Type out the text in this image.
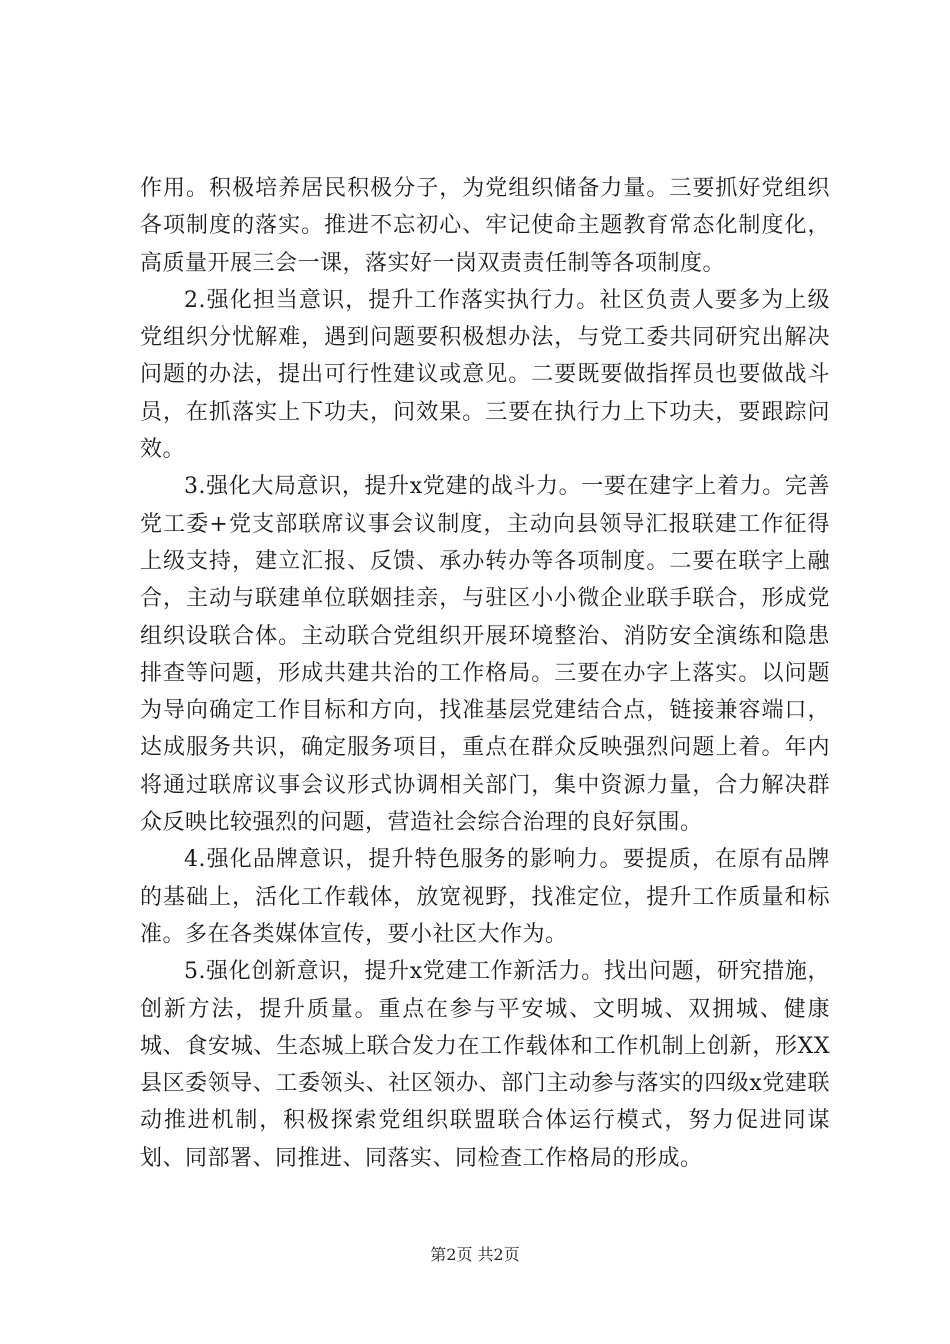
作用。积极培养居民积极分子，为党组织储备力量。三要抓好党组织各项制度的落实。推进不忘初心、牢记使命主题教育常态化制度化，高质量开展三会一课，落实好一岗双责责任制等各项制度。

2.强化担当意识，提升工作落实执行力。社区负责人要多为上级党组织分忧解难，遇到问题要积极想办法，与党工委共同研究出解决问题的办法，提出可行性建议或意见。二要既要做指挥员也要做战斗员，在抓落实上下功夫，问效果。三要在执行力上下功夫，要跟踪问效。

3.强化大局意识，提升x党建的战斗力。一要在建字上着力。完善党工委+党支部联席议事会议制度，主动向县领导汇报联建工作征得上级支持，建立汇报、反馈、承办转办等各项制度。二要在联字上融合，主动与联建单位联姻挂亲，与驻区小小微企业联手联合，形成党组织设联合体。主动联合党组织开展环境整治、消防安全演练和隐患排查等问题，形成共建共治的工作格局。三要在办字上落实。以问题为导向确定工作目标和方向，找准基层党建结合点，链接兼容端口，达成服务共识，确定服务项目，重点在群众反映强烈问题上着。年内将通过联席议事会议形式协调相关部门，集中资源力量，合力解决群众反映比较强烈的问题，营造社会综合治理的良好氛围。

4.强化品牌意识，提升特色服务的影响力。要提质，在原有品牌的基础上，活化工作载体，放宽视野，找准定位，提升工作质量和标准。多在各类媒体宣传，要小社区大作为。

5.强化创新意识，提升x党建工作新活力。找出问题，研究措施，创新方法，提升质量。重点在参与平安城、文明城、双拥城、健康城、食安城、生态城上联合发力在工作载体和工作机制上创新，形XX县区委领导、工委领头、社区领办、部门主动参与落实的四级x党建联动推进机制，积极探索党组织联盟联合体运行模式，努力促进同谋划、同部署、同推进、同落实、同检查工作格局的形成。

第2页 共2页
